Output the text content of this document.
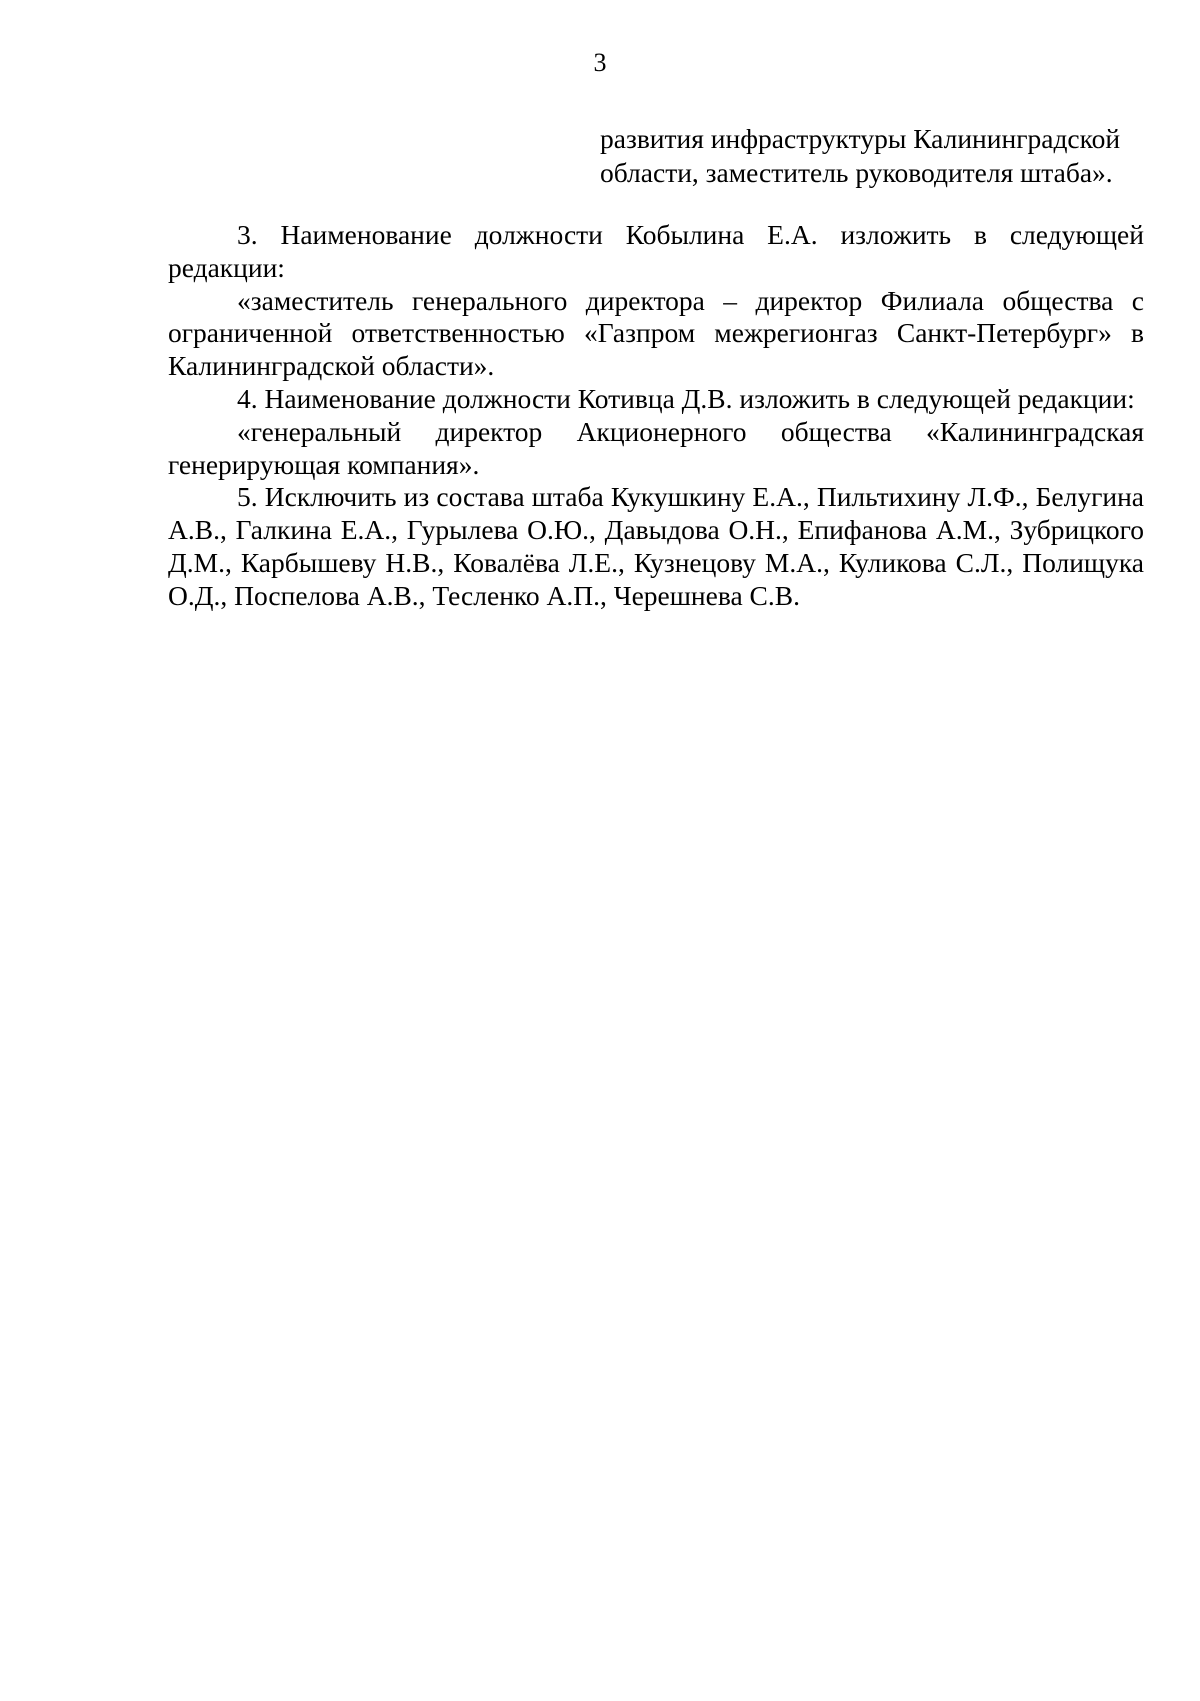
3
развития инфраструктуры Калининградской
области, заместитель руководителя штаба».

3. Наименование должности Кобылина Е.А. изложить в следующей редакции:

«заместитель генерального директора – директор Филиала общества с ограниченной ответственностью «Газпром межрегионгаз Санкт-Петербург» в Калининградской области».

4. Наименование должности Котивца Д.В. изложить в следующей редакции:

«генеральный директор Акционерного общества «Калининградская генерирующая компания».

5. Исключить из состава штаба Кукушкину Е.А., Пильтихину Л.Ф., Белугина А.В., Галкина Е.А., Гурылева О.Ю., Давыдова О.Н., Епифанова А.М., Зубрицкого Д.М., Карбышеву Н.В., Ковалёва Л.Е., Кузнецову М.А., Куликова С.Л., Полищука О.Д., Поспелова А.В., Тесленко А.П., Черешнева С.В.
